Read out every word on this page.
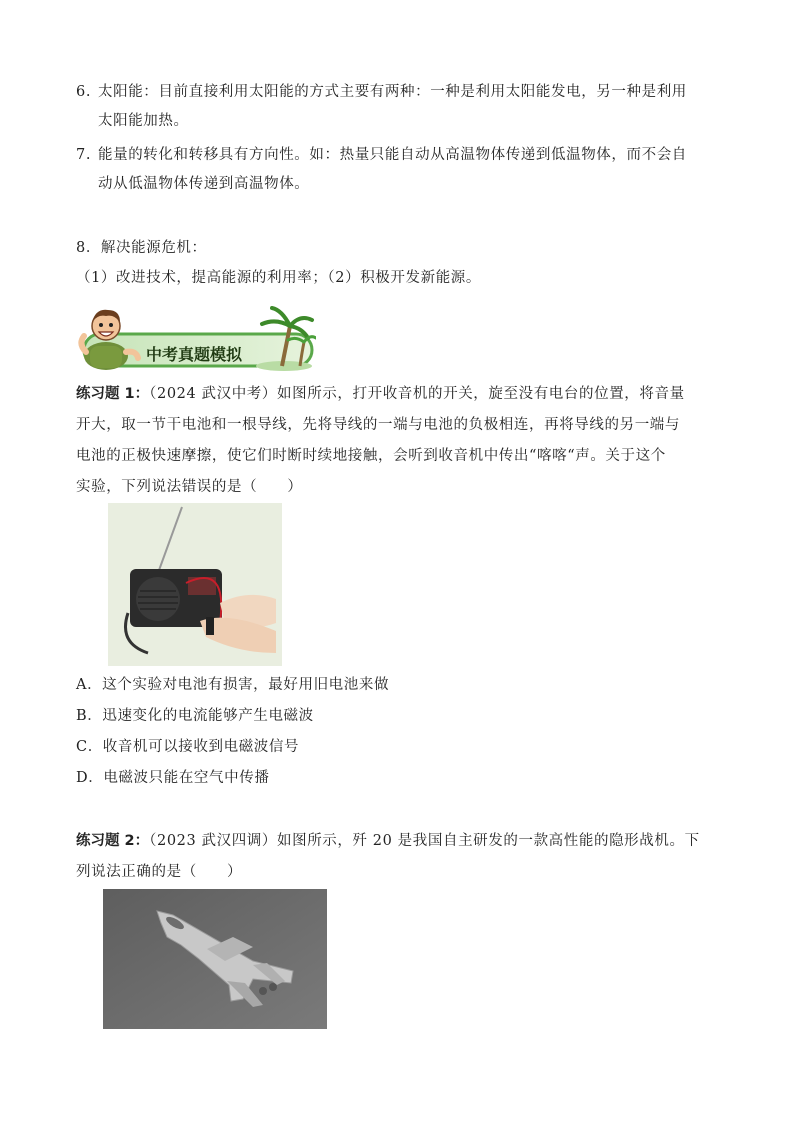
6. 太阳能：目前直接利用太阳能的方式主要有两种：一种是利用太阳能发电，另一种是利用
太阳能加热。
7. 能量的转化和转移具有方向性。如：热量只能自动从高温物体传递到低温物体，而不会自
动从低温物体传递到高温物体。
8．解决能源危机：
（1）改进技术，提高能源的利用率；（2）积极开发新能源。
中考真题模拟
练习题 1：（2024 武汉中考）如图所示，打开收音机的开关，旋至没有电台的位置，将音量
开大，取一节干电池和一根导线，先将导线的一端与电池的负极相连，再将导线的另一端与
电池的正极快速摩擦，使它们时断时续地接触，会听到收音机中传出“喀喀“声。关于这个
实验，下列说法错误的是（　　）
A．这个实验对电池有损害，最好用旧电池来做
B．迅速变化的电流能够产生电磁波
C．收音机可以接收到电磁波信号
D．电磁波只能在空气中传播
练习题 2：（2023 武汉四调）如图所示，歼 20 是我国自主研发的一款高性能的隐形战机。下
列说法正确的是（　　）
